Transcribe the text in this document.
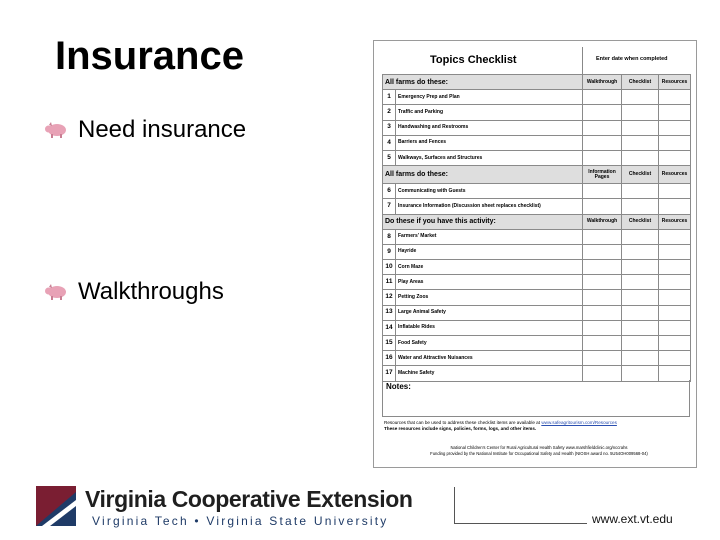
Insurance
Need insurance
Walkthroughs
Topics Checklist	Enter date when completed
All farms do these:		Walkthrough	Checklist	Resources
1	Emergency Prep and Plan			
2	Traffic and Parking			
3	Handwashing and Restrooms			
4	Barriers and Fences			
5	Walkways, Surfaces and Structures			
All farms do these:		Information Pages	Checklist	Resources
6	Communicating with Guests			
7	Insurance Information (Discussion sheet replaces checklist)			
Do these if you have this activity:		Walkthrough	Checklist	Resources
8	Farmers' Market			
9	Hayride			
10	Corn Maze			
11	Play Areas			
12	Petting Zoos			
13	Large Animal Safety			
14	Inflatable Rides			
15	Food Safety			
16	Water and Attractive Nuisances			
17	Machine Safety			
Notes:
Resources that can be used to address these checklist items are available at www.safeagritourism.com/Resources
These resources include signs, policies, forms, logs, and other items.
National Children's Center for Rural Agricultural Health Safety www.marshfieldclinic.org/nccrahs
Funding provided by the National Institute for Occupational Safety and Health (NIOSH award no. 5U54OH009568-04)
Virginia Cooperative Extension
Virginia Tech • Virginia State University	www.ext.vt.edu
